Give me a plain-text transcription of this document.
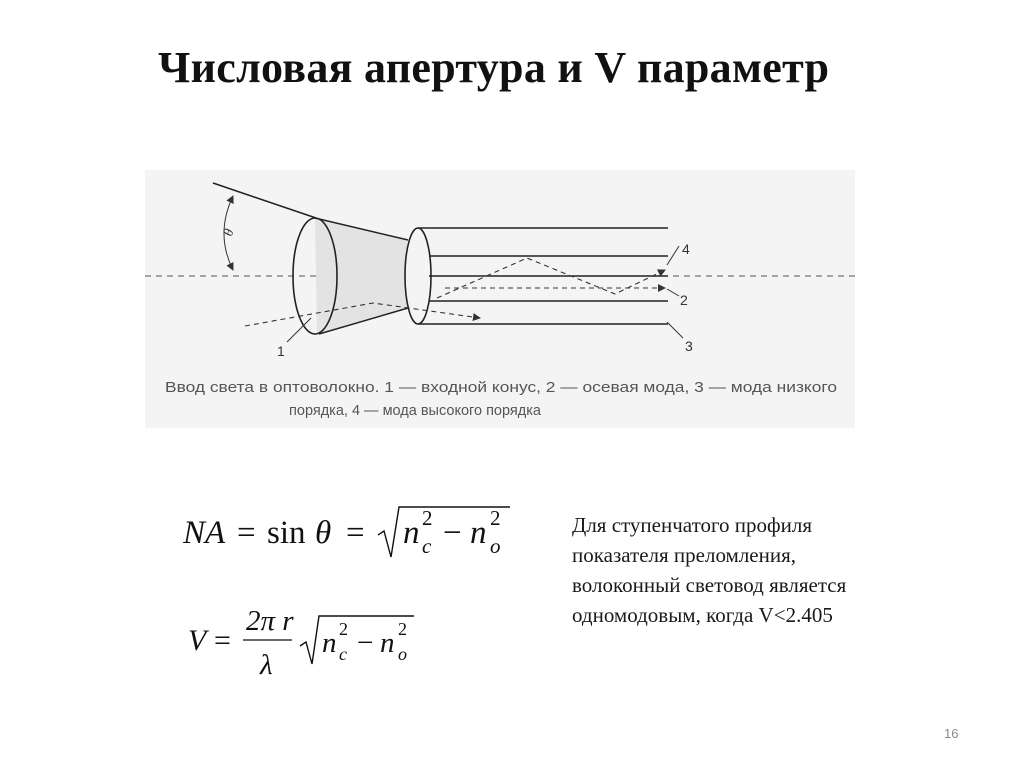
Числовая апертура и V параметр
θ
4
2
3
1
Ввод света в оптоволокно. 1 — входной конус, 2 — осевая мода, 3 — мода низкого
порядка, 4 — мода высокого порядка
NA = sin θ = n 2
c − n 2
o
V =
2π r
λ
n 2
c − n 2
o
Для ступенчатого профиля
показателя преломления,
волоконный световод является
одномодовым, когда V<2.405
16
